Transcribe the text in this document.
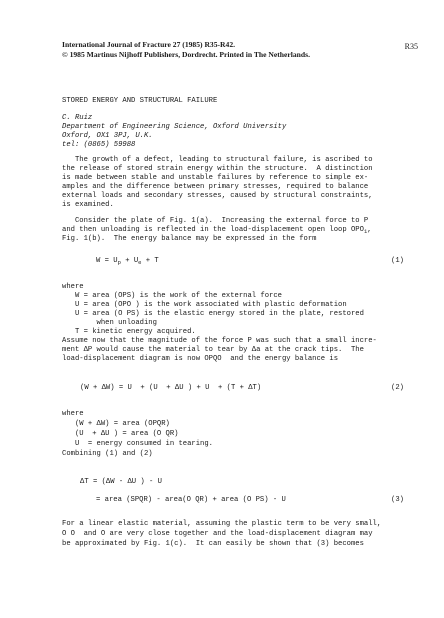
International Journal of Fracture 27 (1985) R35-R42.
© 1985 Martinus Nijhoff Publishers, Dordrecht. Printed in The Netherlands.
R35
STORED ENERGY AND STRUCTURAL FAILURE
C. Ruiz
Department of Engineering Science, Oxford University
Oxford, OX1 3PJ, U.K.
tel: (0865) 59988
The growth of a defect, leading to structural failure, is ascribed to
the release of stored strain energy within the structure.  A distinction
is made between stable and unstable failures by reference to simple ex-
amples and the difference between primary stresses, required to balance
external loads and secondary stresses, caused by structural constraints,
is examined.
Consider the plate of Fig. 1(a).  Increasing the external force to P
and then unloading is reflected in the load-displacement open loop $OPO_1$,
Fig. 1(b).  The energy balance may be expressed in the form
$W = U_p + U_e + T$	(1)
where
W = area (OPS) is the work of the external force
U = area (OPO ) is the work associated with plastic deformation
U = area (O PS) is the elastic energy stored in the plate, restored
when unloading
T = kinetic energy acquired.
Assume now that the magnitude of the force P was such that a small incre-
ment ΔP would cause the material to tear by Δa at the crack tips.  The
load-displacement diagram is now OPQO  and the energy balance is
(W + ΔW) = U  + (U  + ΔU ) + U  + (T + ΔT)	(2)
where
(W + ΔW) = area (OPQR)
(U  + ΔU ) = area (O QR)
U  = energy consumed in tearing.
Combining (1) and (2)
ΔT = (ΔW - ΔU ) - U
= area (SPQR) - area(O QR) + area (O PS) - U	(3)
For a linear elastic material, assuming the plastic term to be very small,
O O  and O are very close together and the load-displacement diagram may
be approximated by Fig. 1(c).  It can easily be shown that (3) becomes
